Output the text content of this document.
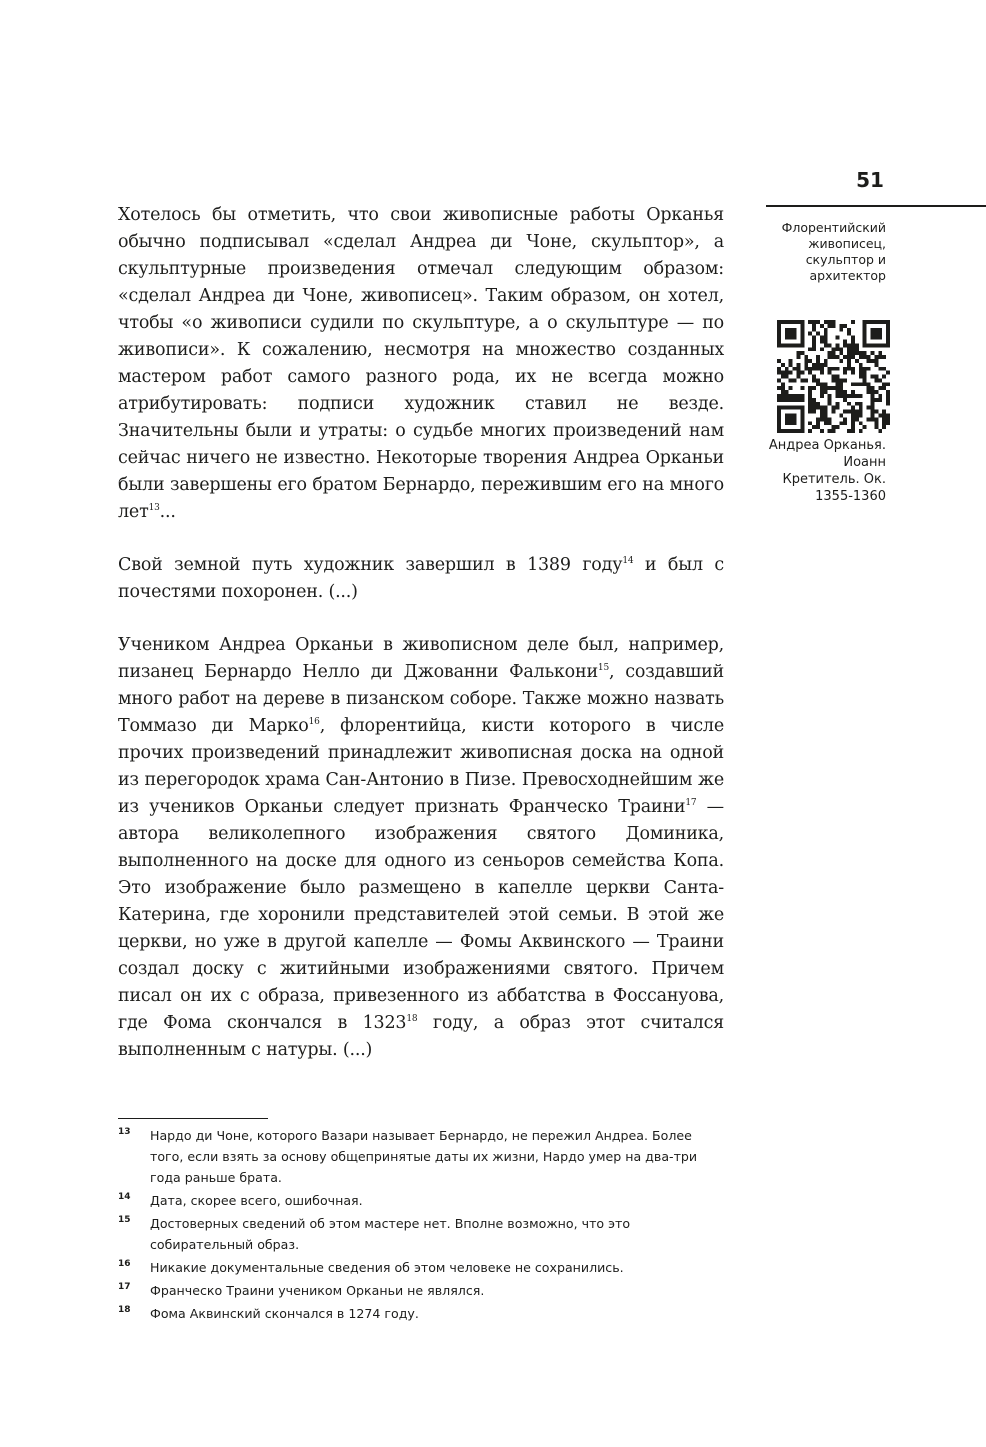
51
Флорентийский живописец, скульптор и архитектор
Андреа Орканья. Иоанн Кретитель. Ок. 1355-1360

Хотелось бы отметить, что свои живописные работы Орканья обычно подписывал «сделал Андреа ди Чоне, скульптор», а скульптурные произведения отмечал следующим образом: «сделал Андреа ди Чоне, живописец». Таким образом, он хотел, чтобы «о живописи судили по скульптуре, а о скульптуре — по живописи». К сожалению, несмотря на множество созданных мастером работ самого разного рода, их не всегда можно атрибутировать: подписи художник ставил не везде. Значительны были и утраты: о судьбе многих произведений нам сейчас ничего не известно. Некоторые творения Андреа Орканьи были завершены его братом Бернардо, пережившим его на много лет$^{13}$...

Свой земной путь художник завершил в 1389 году$^{14}$ и был с почестями похоронен. (...)

Учеником Андреа Орканьи в живописном деле был, например, пизанец Бернардо Нелло ди Джованни Фалькони$^{15}$, создавший много работ на дереве в пизанском соборе. Также можно назвать Томмазо ди Марко$^{16}$, флорентийца, кисти которого в числе прочих произведений принадлежит живописная доска на одной из перегородок храма Сан-Антонио в Пизе. Превосходнейшим же из учеников Орканьи следует признать Франческо Траини$^{17}$ — автора великолепного изображения святого Доминика, выполненного на доске для одного из сеньоров семейства Копа. Это изображение было размещено в капелле церкви Санта-Катерина, где хоронили представителей этой семьи. В этой же церкви, но уже в другой капелле — Фомы Аквинского — Траини создал доску с житийными изображениями святого. Причем писал он их с образа, привезенного из аббатства в Фоссануова, где Фома скончался в 1323$^{18}$ году, а образ этот считался выполненным с натуры. (...)

13	Нардо ди Чоне, которого Вазари называет Бернардо, не пережил Андреа. Более того, если взять за основу общепринятые даты их жизни, Нардо умер на два-три года раньше брата.
14	Дата, скорее всего, ошибочная.
15	Достоверных сведений об этом мастере нет. Вполне возможно, что это собирательный образ.
16	Никакие документальные сведения об этом человеке не сохранились.
17	Франческо Траини учеником Орканьи не являлся.
18	Фома Аквинский скончался в 1274 году.
